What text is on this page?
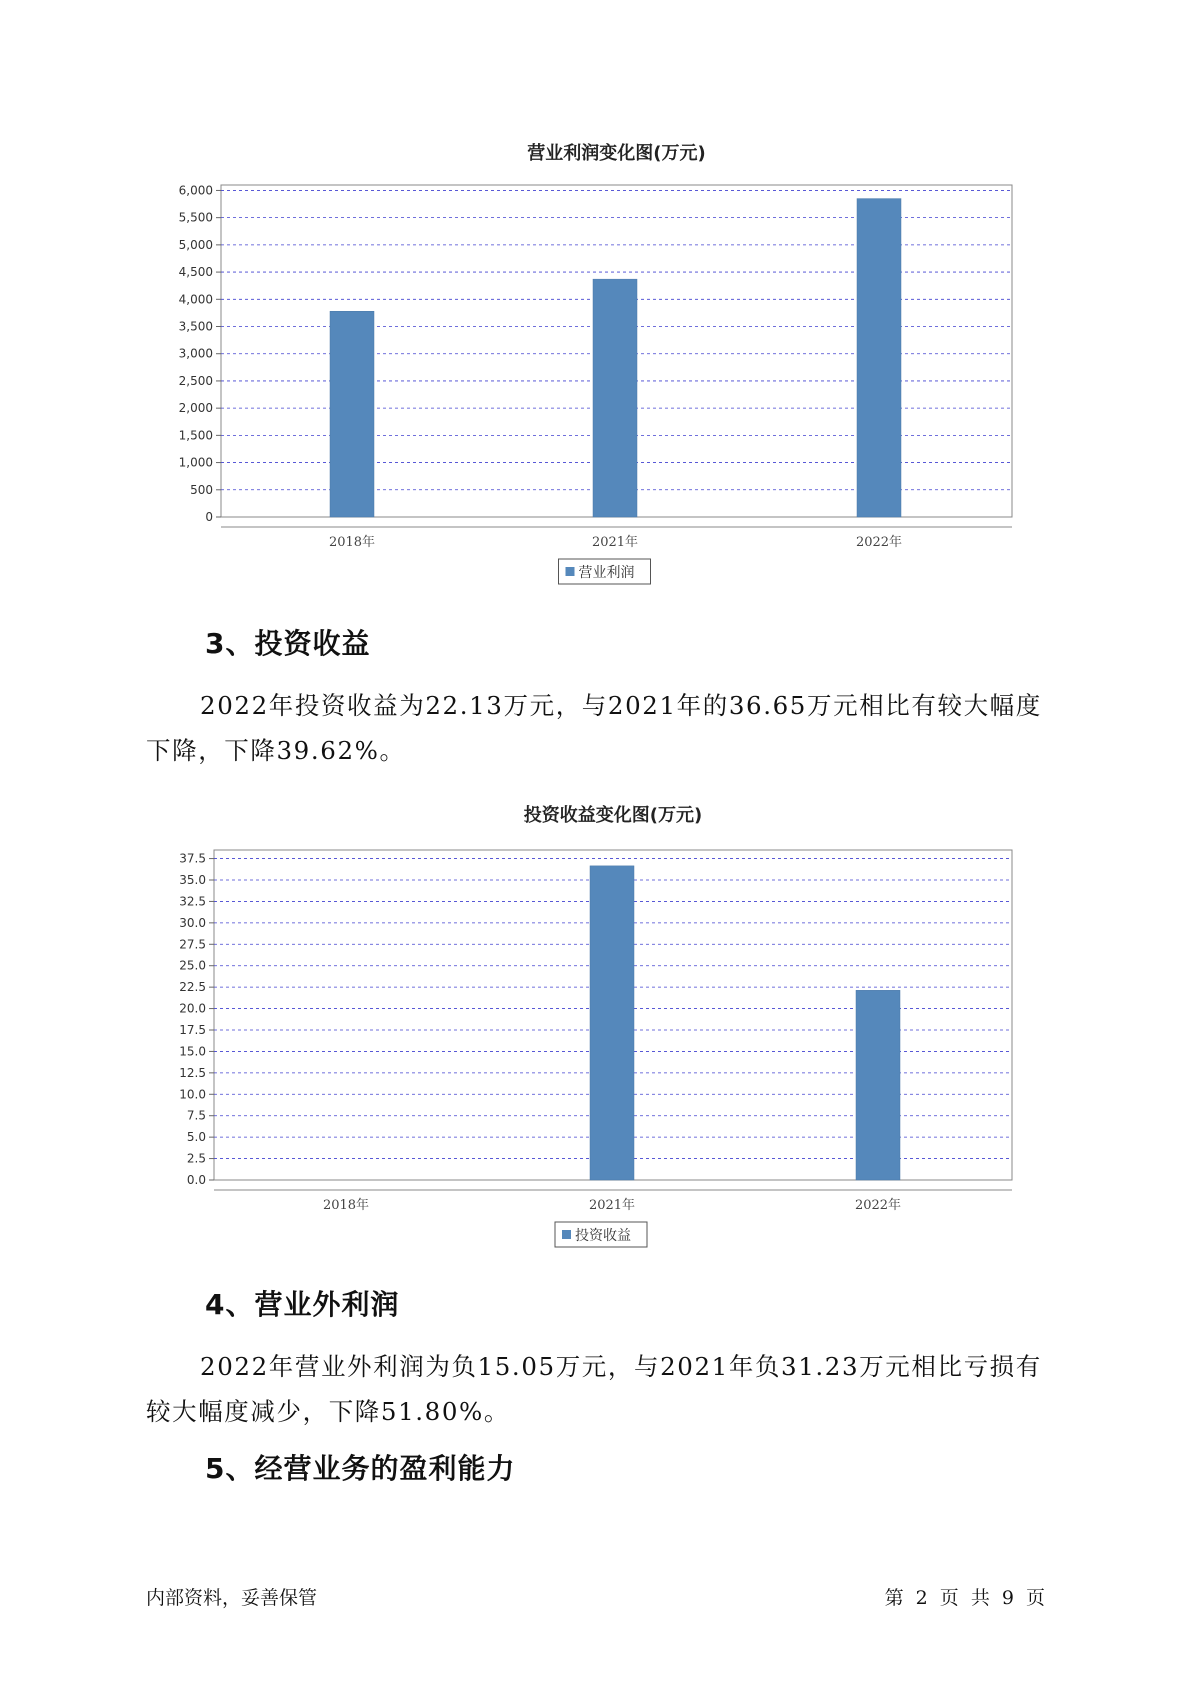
营业利润变化图(万元)
0
500
1,000
1,500
2,000
2,500
3,000
3,500
4,000
4,500
5,000
5,500
6,000
2018年	2021年	2022年
营业利润
3、投资收益

2022年投资收益为22.13万元，与2021年的36.65万元相比有较大幅度下降，下降39.62%。

投资收益变化图(万元)
0.0
2.5
5.0
7.5
10.0
12.5
15.0
17.5
20.0
22.5
25.0
27.5
30.0
32.5
35.0
37.5
2018年	2021年	2022年
投资收益
4、营业外利润

2022年营业外利润为负15.05万元，与2021年负31.23万元相比亏损有较大幅度减少，下降51.80%。

5、经营业务的盈利能力
内部资料，妥善保管	第 2 页 共 9 页
